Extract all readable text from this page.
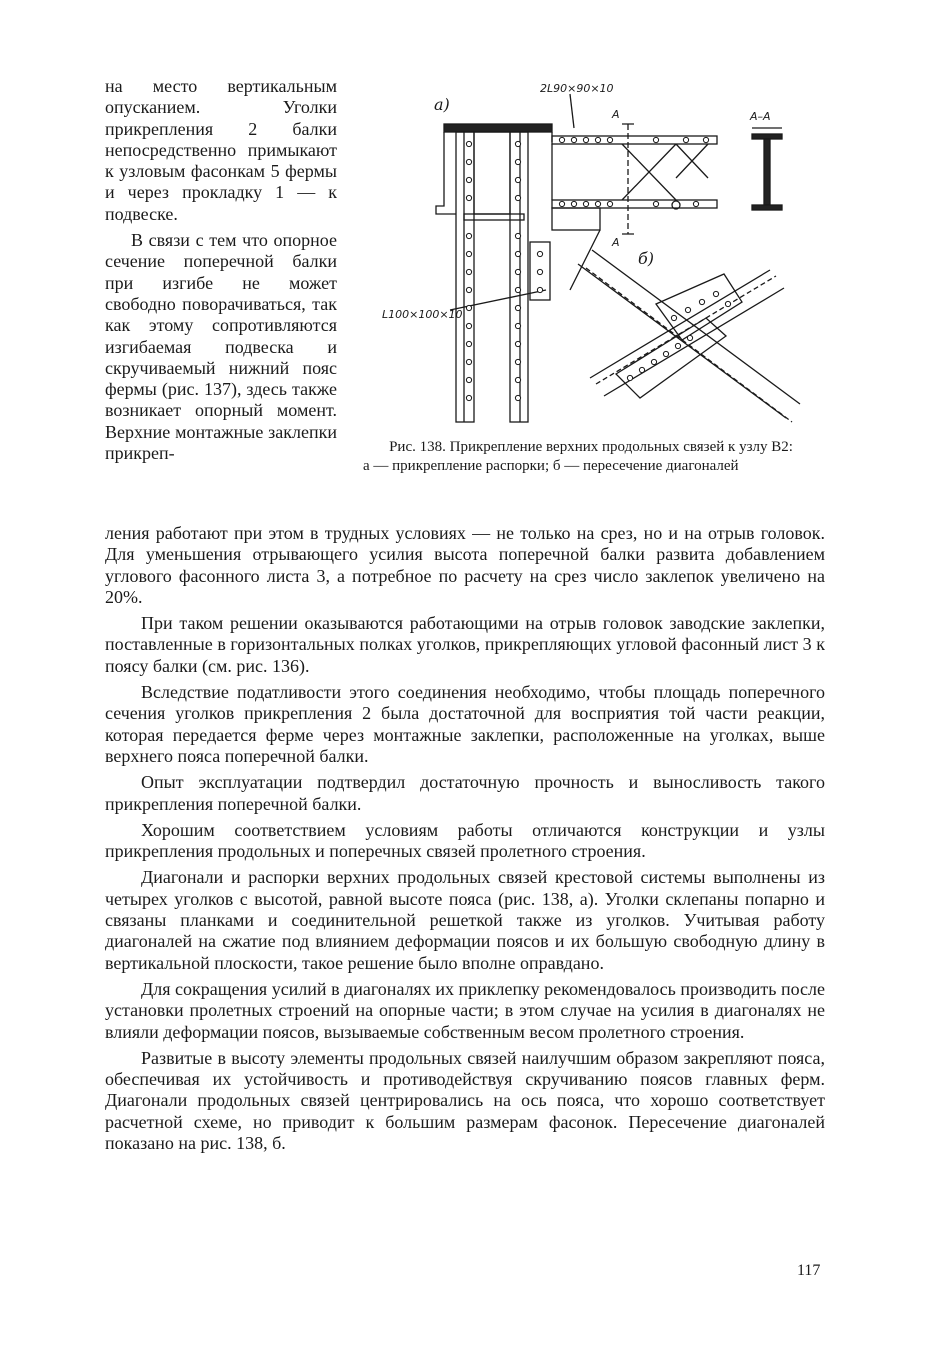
на место вертикальным опусканием. Уголки прикрепления 2 балки непосредственно примыкают к узловым фасонкам 5 фермы и через прокладку 1 — к подвеске.

В связи с тем что опорное сечение поперечной балки при изгибе не может свободно поворачиваться, так как этому сопротивляются изгибаемая подвеска и скручиваемый нижний пояс фермы (рис. 137), здесь также возникает опорный момент. Верхние монтажные заклепки прикреп-

а)
б)
2L90×90×10
L100×100×10
A
A
А–А
Рис. 138. Прикрепление верхних продольных связей к узлу В2:
а — прикрепление распорки; б — пересечение диагоналей

ления работают при этом в трудных условиях — не только на срез, но и на отрыв головок. Для уменьшения отрывающего усилия высота поперечной балки развита добавлением углового фасонного листа 3, а потребное по расчету на срез число заклепок увеличено на 20%.

При таком решении оказываются работающими на отрыв головок заводские заклепки, поставленные в горизонтальных полках уголков, прикрепляющих угловой фасонный лист 3 к поясу балки (см. рис. 136).

Вследствие податливости этого соединения необходимо, чтобы площадь поперечного сечения уголков прикрепления 2 была достаточной для восприятия той части реакции, которая передается ферме через монтажные заклепки, расположенные на уголках, выше верхнего пояса поперечной балки.

Опыт эксплуатации подтвердил достаточную прочность и выносливость такого прикрепления поперечной балки.

Хорошим соответствием условиям работы отличаются конструкции и узлы прикрепления продольных и поперечных связей пролетного строения.

Диагонали и распорки верхних продольных связей крестовой системы выполнены из четырех уголков с высотой, равной высоте пояса (рис. 138, а). Уголки склепаны попарно и связаны планками и соединительной решеткой также из уголков. Учитывая работу диагоналей на сжатие под влиянием деформации поясов и их большую свободную длину в вертикальной плоскости, такое решение было вполне оправдано.

Для сокращения усилий в диагоналях их приклепку рекомендовалось производить после установки пролетных строений на опорные части; в этом случае на усилия в диагоналях не влияли деформации поясов, вызываемые собственным весом пролетного строения.

Развитые в высоту элементы продольных связей наилучшим образом закрепляют пояса, обеспечивая их устойчивость и противодействуя скручиванию поясов главных ферм. Диагонали продольных связей центрировались на ось пояса, что хорошо соответствует расчетной схеме, но приводит к большим размерам фасонок. Пересечение диагоналей показано на рис. 138, б.

117
